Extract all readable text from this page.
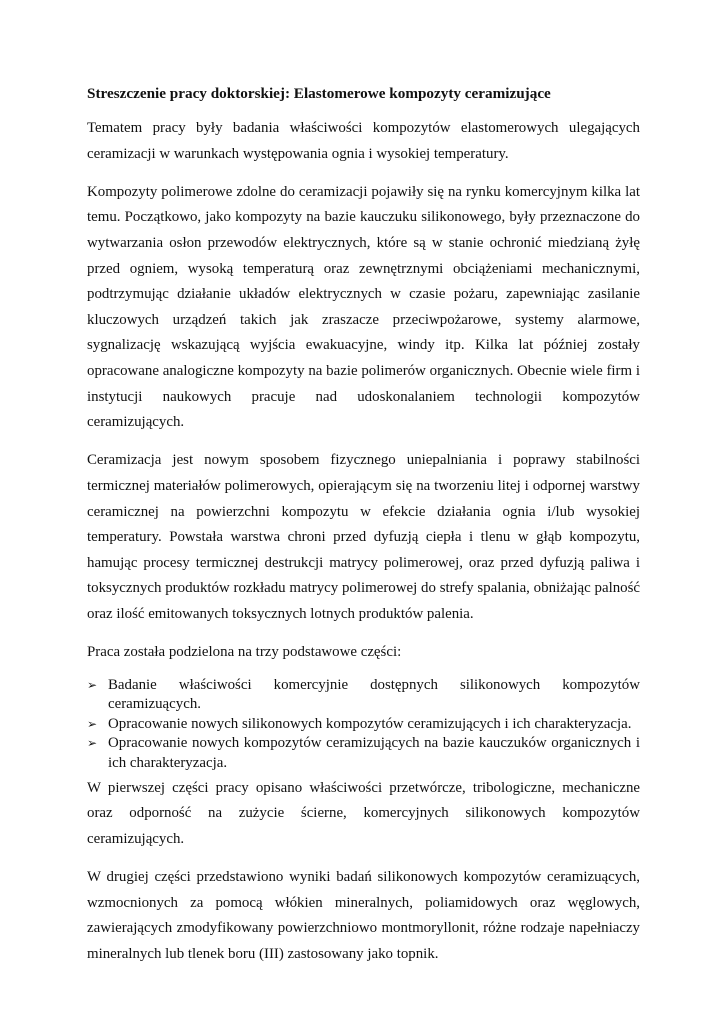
Streszczenie pracy doktorskiej: Elastomerowe kompozyty ceramizujące

Tematem pracy były badania właściwości kompozytów elastomerowych ulegających ceramizacji w warunkach występowania ognia i wysokiej temperatury.

Kompozyty polimerowe zdolne do ceramizacji pojawiły się na rynku komercyjnym kilka lat temu. Początkowo, jako kompozyty na bazie kauczuku silikonowego, były przeznaczone do wytwarzania osłon przewodów elektrycznych, które są w stanie ochronić miedzianą żyłę przed ogniem, wysoką temperaturą oraz zewnętrznymi obciążeniami mechanicznymi, podtrzymując działanie układów elektrycznych w czasie pożaru, zapewniając zasilanie kluczowych urządzeń takich jak zraszacze przeciwpożarowe, systemy alarmowe, sygnalizację wskazującą wyjścia ewakuacyjne, windy itp. Kilka lat później zostały opracowane analogiczne kompozyty na bazie polimerów organicznych. Obecnie wiele firm i instytucji naukowych pracuje nad udoskonalaniem technologii kompozytów ceramizujących.

Ceramizacja jest nowym sposobem fizycznego uniepalniania i poprawy stabilności termicznej materiałów polimerowych, opierającym się na tworzeniu litej i odpornej warstwy ceramicznej na powierzchni kompozytu w efekcie działania ognia i/lub wysokiej temperatury. Powstała warstwa chroni przed dyfuzją ciepła i tlenu w głąb kompozytu, hamując procesy termicznej destrukcji matrycy polimerowej, oraz przed dyfuzją paliwa i toksycznych produktów rozkładu matrycy polimerowej do strefy spalania, obniżając palność oraz ilość emitowanych toksycznych lotnych produktów palenia.

Praca została podzielona na trzy podstawowe części:

➢ Badanie właściwości komercyjnie dostępnych silikonowych kompozytów ceramizuących.
➢ Opracowanie nowych silikonowych kompozytów ceramizujących i ich charakteryzacja.
➢ Opracowanie nowych kompozytów ceramizujących na bazie kauczuków organicznych i ich charakteryzacja.

W pierwszej części pracy opisano właściwości przetwórcze, tribologiczne, mechaniczne oraz odporność na zużycie ścierne, komercyjnych silikonowych kompozytów ceramizujących.

W drugiej części przedstawiono wyniki badań silikonowych kompozytów ceramizuących, wzmocnionych za pomocą włókien mineralnych, poliamidowych oraz węglowych, zawierających zmodyfikowany powierzchniowo montmoryllonit, różne rodzaje napełniaczy mineralnych lub tlenek boru (III) zastosowany jako topnik.
